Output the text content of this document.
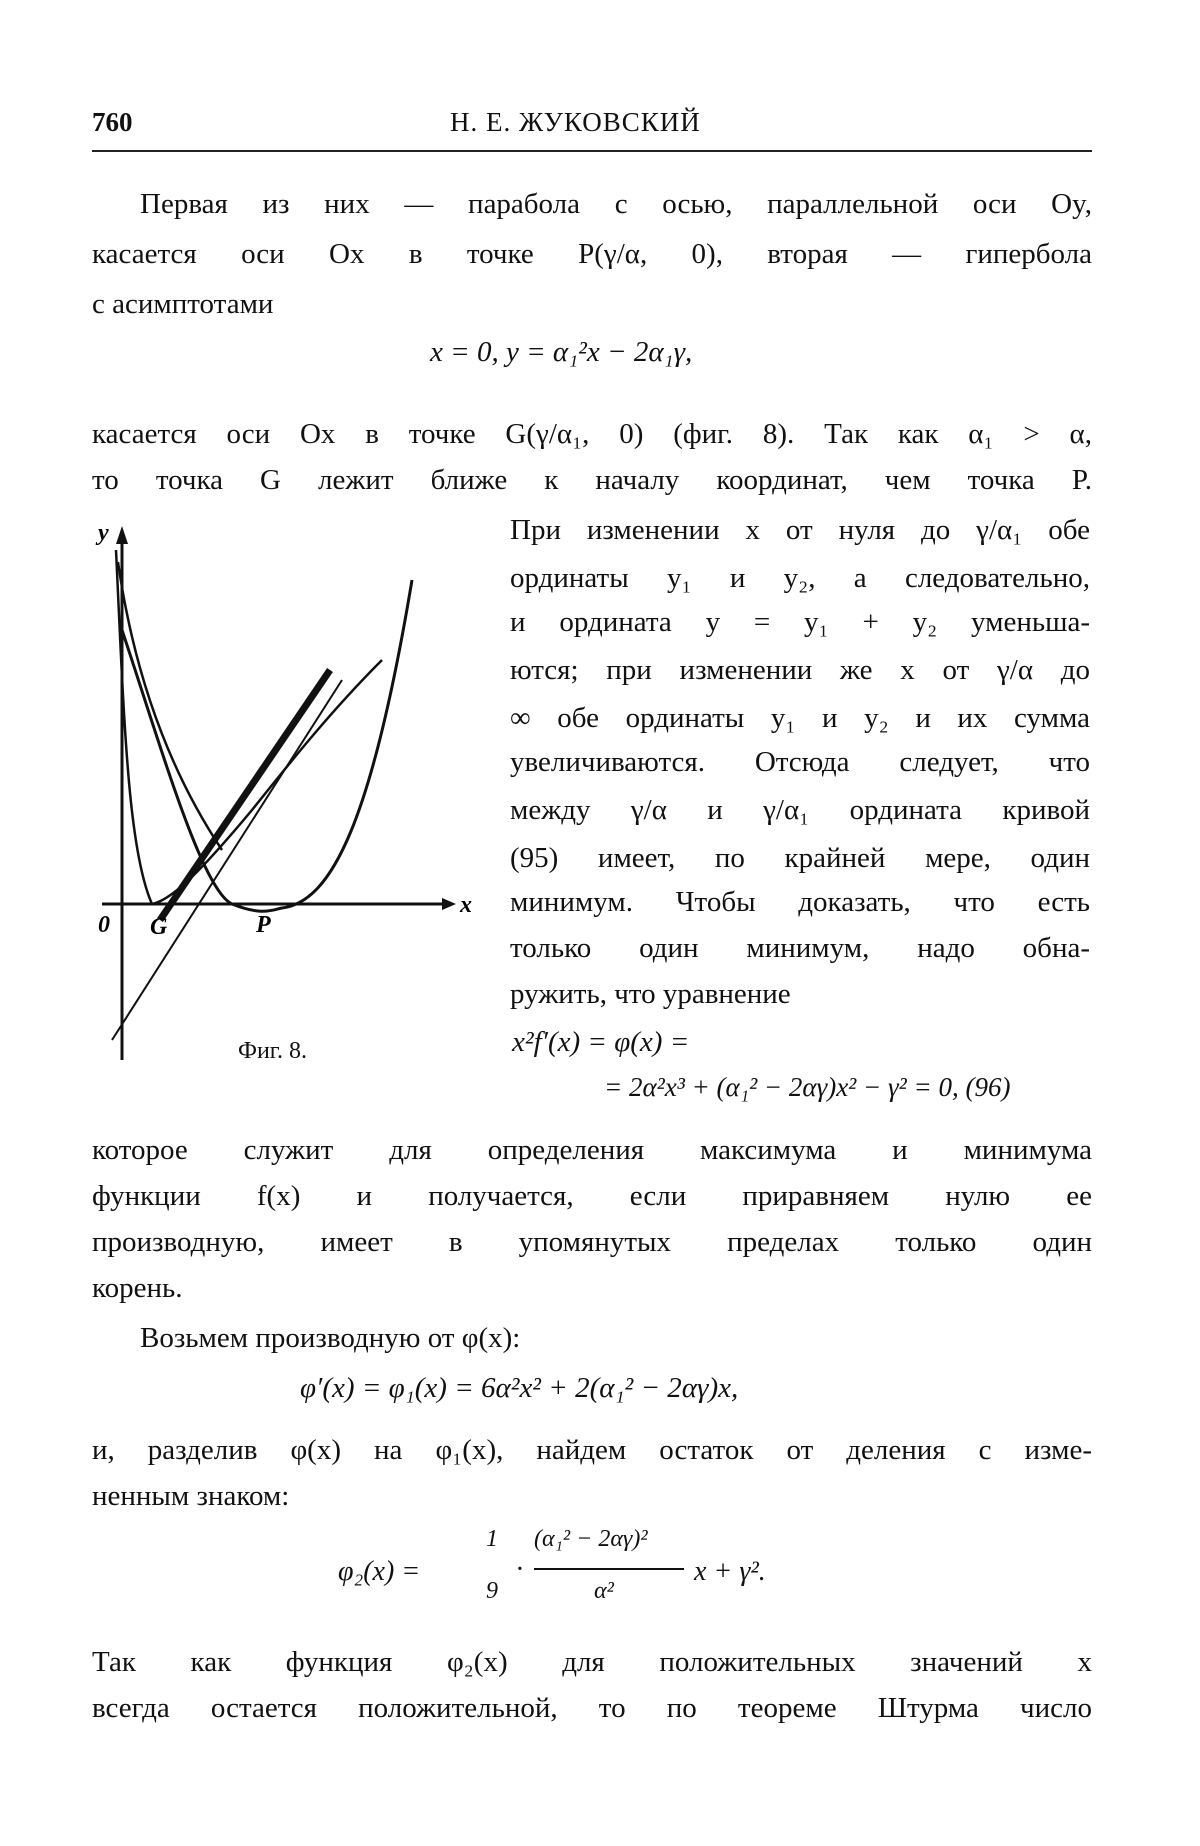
760	Н. Е. ЖУКОВСКИЙ
Первая из них — парабола с осью, параллельной оси Oy,
касается оси Ox в точке P(γ/α, 0), вторая — гипербола
с асимптотами
x = 0, y = α₁²x − 2α₁γ,
касается оси Ox в точке G(γ/α₁, 0) (фиг. 8). Так как α₁ > α,
то точка G лежит ближе к началу координат, чем точка P.
При изменении x от нуля до γ/α₁ обе
ординаты y₁ и y₂, а следовательно,
и ордината y = y₁ + y₂ уменьша-
ются; при изменении же x от γ/α до
∞ обе ординаты y₁ и y₂ и их сумма
увеличиваются. Отсюда следует, что
между γ/α и γ/α₁ ордината кривой
(95) имеет, по крайней мере, один
минимум. Чтобы доказать, что есть
только один минимум, надо обна-
ружить, что уравнение
x²f′(x) = φ(x) =
= 2α²x³ + (α₁² − 2αγ)x² − γ² = 0, (96)
y
x
0 G	P
Фиг. 8.
которое служит для определения максимума и минимума
функции f(x) и получается, если приравняем нулю ее
производную, имеет в упомянутых пределах только один
корень.
Возьмем производную от φ(x):
φ′(x) = φ₁(x) = 6α²x² + 2(α₁² − 2αγ)x,
и, разделив φ(x) на φ₁(x), найдем остаток от деления с изме-
ненным знаком:
φ₂(x) =
1
9
·
(α₁² − 2αγ)²
α²
x + γ².
Так как функция φ₂(x) для положительных значений x
всегда остается положительной, то по теореме Штурма число
